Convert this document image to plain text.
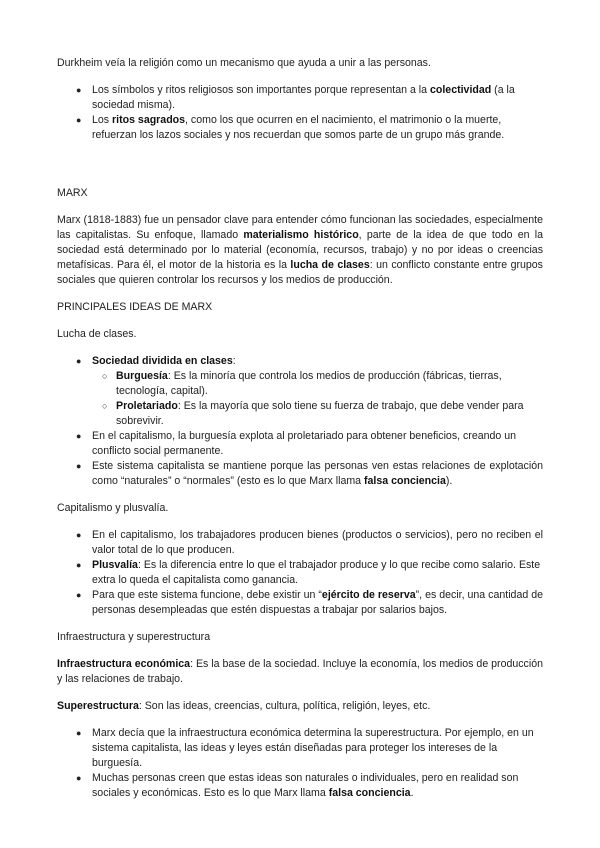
Durkheim veía la religión como un mecanismo que ayuda a unir a las personas.

● Los símbolos y ritos religiosos son importantes porque representan a la colectividad (a la sociedad misma).
● Los ritos sagrados, como los que ocurren en el nacimiento, el matrimonio o la muerte, refuerzan los lazos sociales y nos recuerdan que somos parte de un grupo más grande.

MARX

Marx (1818-1883) fue un pensador clave para entender cómo funcionan las sociedades, especialmente las capitalistas. Su enfoque, llamado materialismo histórico, parte de la idea de que todo en la sociedad está determinado por lo material (economía, recursos, trabajo) y no por ideas o creencias metafísicas. Para él, el motor de la historia es la lucha de clases: un conflicto constante entre grupos sociales que quieren controlar los recursos y los medios de producción.

PRINCIPALES IDEAS DE MARX

Lucha de clases.

● Sociedad dividida en clases:
○ Burguesía: Es la minoría que controla los medios de producción (fábricas, tierras, tecnología, capital).
○ Proletariado: Es la mayoría que solo tiene su fuerza de trabajo, que debe vender para sobrevivir.
● En el capitalismo, la burguesía explota al proletariado para obtener beneficios, creando un conflicto social permanente.
● Este sistema capitalista se mantiene porque las personas ven estas relaciones de explotación como “naturales” o “normales” (esto es lo que Marx llama falsa conciencia).

Capitalismo y plusvalía.

● En el capitalismo, los trabajadores producen bienes (productos o servicios), pero no reciben el valor total de lo que producen.
● Plusvalía: Es la diferencia entre lo que el trabajador produce y lo que recibe como salario. Este extra lo queda el capitalista como ganancia.
● Para que este sistema funcione, debe existir un “ejército de reserva”, es decir, una cantidad de personas desempleadas que estén dispuestas a trabajar por salarios bajos.

Infraestructura y superestructura

Infraestructura económica: Es la base de la sociedad. Incluye la economía, los medios de producción y las relaciones de trabajo.

Superestructura: Son las ideas, creencias, cultura, política, religión, leyes, etc.

● Marx decía que la infraestructura económica determina la superestructura. Por ejemplo, en un sistema capitalista, las ideas y leyes están diseñadas para proteger los intereses de la burguesía.
● Muchas personas creen que estas ideas son naturales o individuales, pero en realidad son sociales y económicas. Esto es lo que Marx llama falsa conciencia.
